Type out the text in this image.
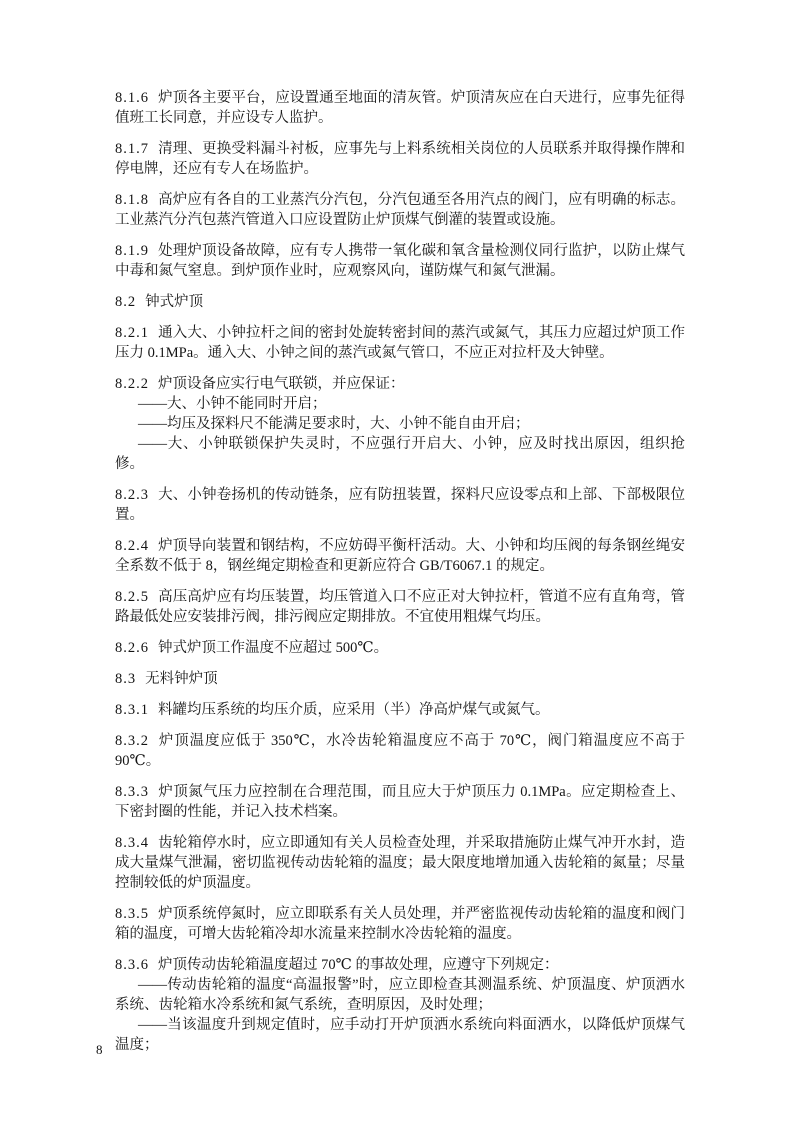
8.1.6 炉顶各主要平台，应设置通至地面的清灰管。炉顶清灰应在白天进行，应事先征得值班工长同意，并应设专人监护。
8.1.7 清理、更换受料漏斗衬板，应事先与上料系统相关岗位的人员联系并取得操作牌和停电牌，还应有专人在场监护。
8.1.8 高炉应有各自的工业蒸汽分汽包，分汽包通至各用汽点的阀门，应有明确的标志。工业蒸汽分汽包蒸汽管道入口应设置防止炉顶煤气倒灌的装置或设施。
8.1.9 处理炉顶设备故障，应有专人携带一氧化碳和氧含量检测仪同行监护，以防止煤气中毒和氮气窒息。到炉顶作业时，应观察风向，谨防煤气和氮气泄漏。
8.2 钟式炉顶
8.2.1 通入大、小钟拉杆之间的密封处旋转密封间的蒸汽或氮气，其压力应超过炉顶工作压力 0.1MPa。通入大、小钟之间的蒸汽或氮气管口，不应正对拉杆及大钟壁。
8.2.2 炉顶设备应实行电气联锁，并应保证：
——大、小钟不能同时开启；
——均压及探料尺不能满足要求时，大、小钟不能自由开启；
——大、小钟联锁保护失灵时，不应强行开启大、小钟，应及时找出原因，组织抢修。
8.2.3 大、小钟卷扬机的传动链条，应有防扭装置，探料尺应设零点和上部、下部极限位置。
8.2.4 炉顶导向装置和钢结构，不应妨碍平衡杆活动。大、小钟和均压阀的每条钢丝绳安全系数不低于 8，钢丝绳定期检查和更新应符合 GB/T6067.1 的规定。
8.2.5 高压高炉应有均压装置，均压管道入口不应正对大钟拉杆，管道不应有直角弯，管路最低处应安装排污阀，排污阀应定期排放。不宜使用粗煤气均压。
8.2.6 钟式炉顶工作温度不应超过 500℃。
8.3 无料钟炉顶
8.3.1 料罐均压系统的均压介质，应采用（半）净高炉煤气或氮气。
8.3.2 炉顶温度应低于 350℃，水冷齿轮箱温度应不高于 70℃，阀门箱温度应不高于 90℃。
8.3.3 炉顶氮气压力应控制在合理范围，而且应大于炉顶压力 0.1MPa。应定期检查上、下密封圈的性能，并记入技术档案。
8.3.4 齿轮箱停水时，应立即通知有关人员检查处理，并采取措施防止煤气冲开水封，造成大量煤气泄漏，密切监视传动齿轮箱的温度；最大限度地增加通入齿轮箱的氮量；尽量控制较低的炉顶温度。
8.3.5 炉顶系统停氮时，应立即联系有关人员处理，并严密监视传动齿轮箱的温度和阀门箱的温度，可增大齿轮箱冷却水流量来控制水冷齿轮箱的温度。
8.3.6 炉顶传动齿轮箱温度超过 70℃ 的事故处理，应遵守下列规定：
——传动齿轮箱的温度“高温报警”时，应立即检查其测温系统、炉顶温度、炉顶洒水系统、齿轮箱水冷系统和氮气系统，查明原因，及时处理；
——当该温度升到规定值时，应手动打开炉顶洒水系统向料面洒水，以降低炉顶煤气温度；
8
